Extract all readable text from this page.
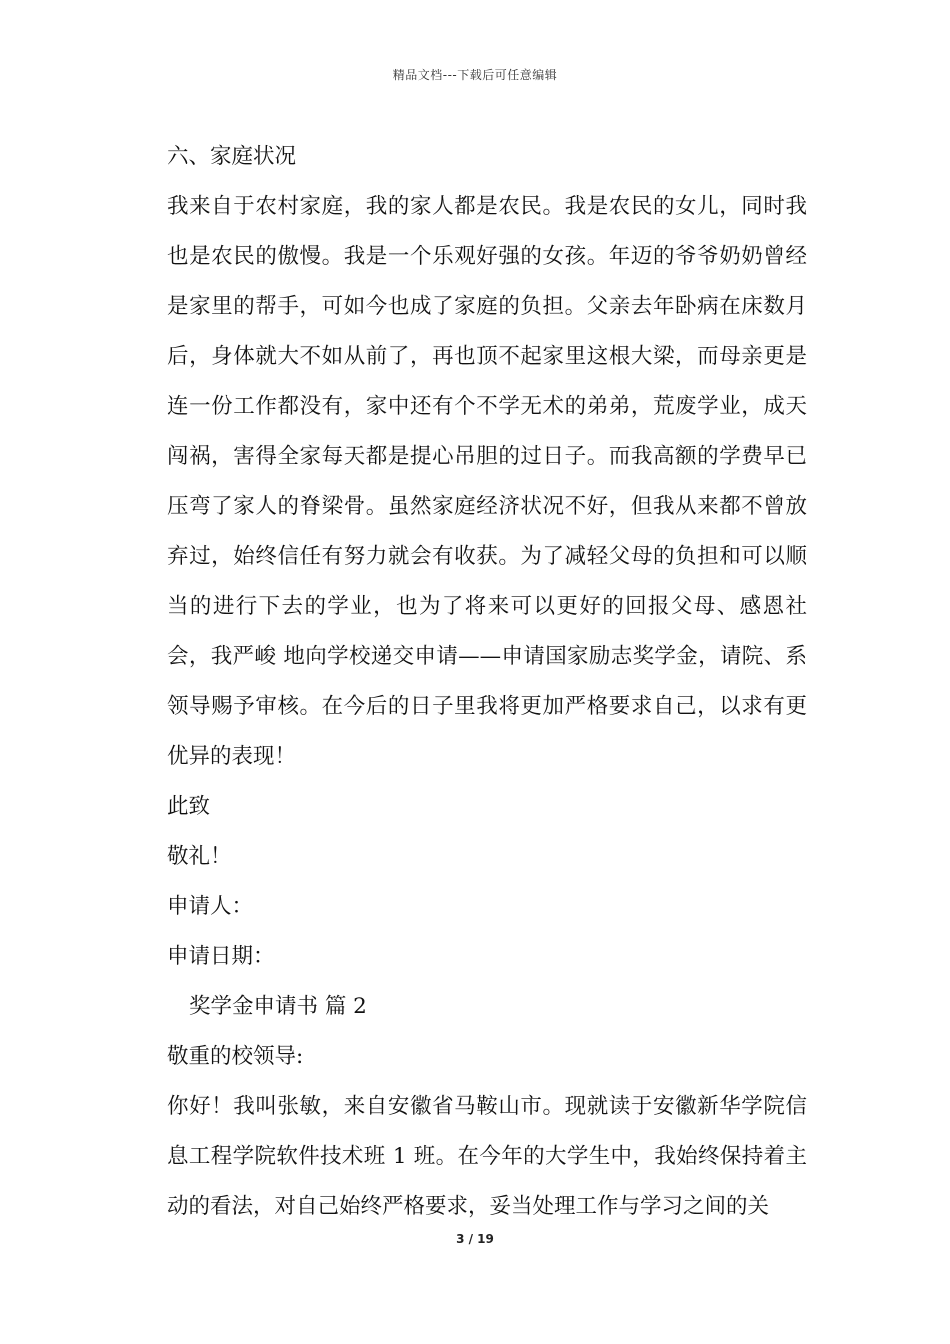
精品文档---下载后可任意编辑
六、家庭状况
我来自于农村家庭，我的家人都是农民。我是农民的女儿，同时我也是农民的傲慢。我是一个乐观好强的女孩。年迈的爷爷奶奶曾经是家里的帮手，可如今也成了家庭的负担。父亲去年卧病在床数月后，身体就大不如从前了，再也顶不起家里这根大梁，而母亲更是连一份工作都没有，家中还有个不学无术的弟弟，荒废学业，成天闯祸，害得全家每天都是提心吊胆的过日子。而我高额的学费早已压弯了家人的脊梁骨。虽然家庭经济状况不好，但我从来都不曾放弃过，始终信任有努力就会有收获。为了减轻父母的负担和可以顺当的进行下去的学业，也为了将来可以更好的回报父母、感恩社会，我严峻 地向学校递交申请——申请国家励志奖学金，请院、系领导赐予审核。在今后的日子里我将更加严格要求自己，以求有更优异的表现！
此致
敬礼！
申请人：
申请日期：
奖学金申请书 篇 2
敬重的校领导:
你好！我叫张敏，来自安徽省马鞍山市。现就读于安徽新华学院信息工程学院软件技术班 1 班。在今年的大学生中，我始终保持着主动的看法，对自己始终严格要求，妥当处理工作与学习之间的关
3 / 19
